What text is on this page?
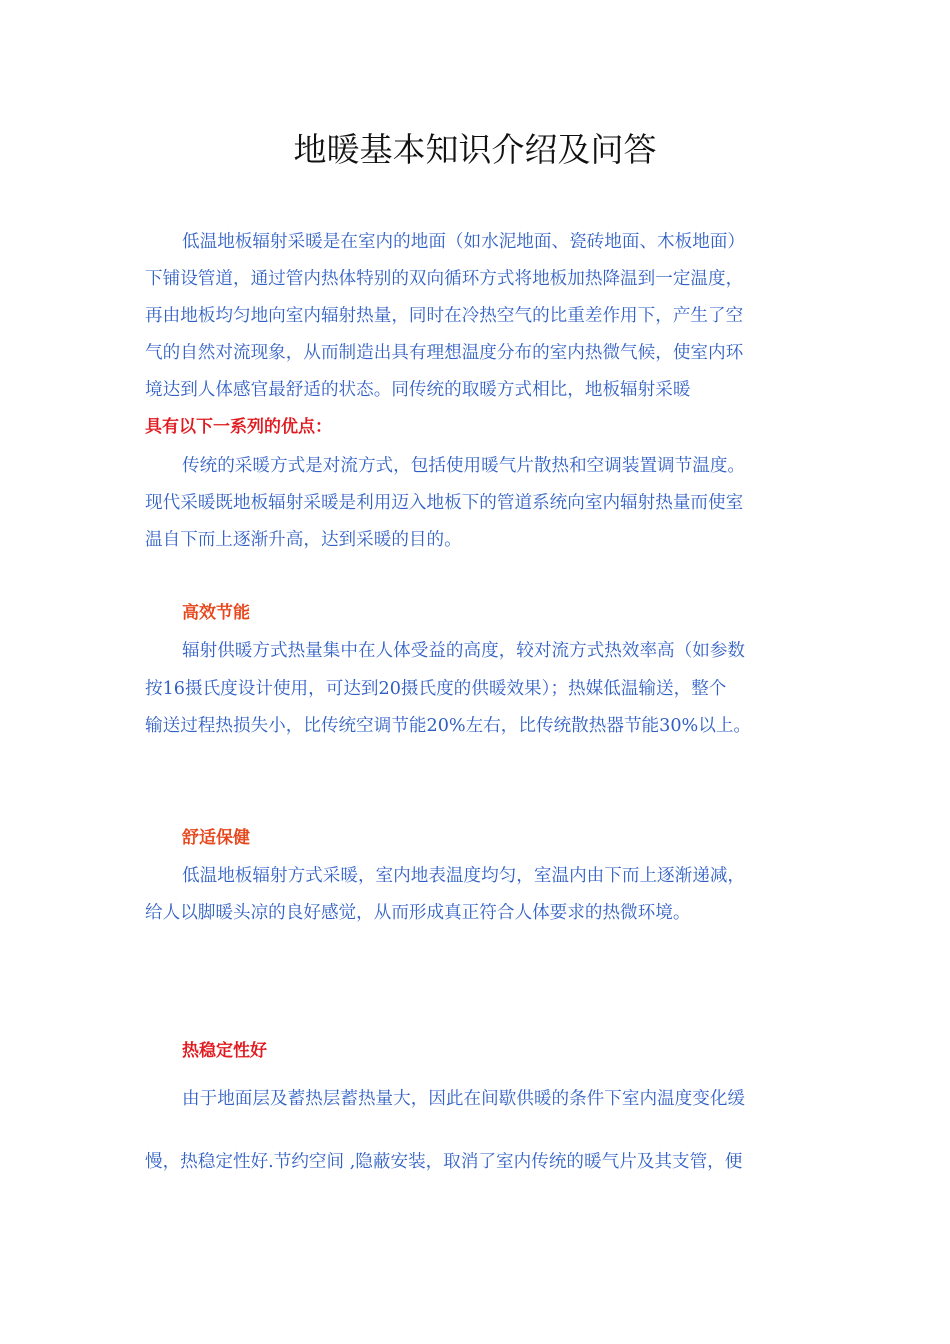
地暖基本知识介绍及问答
低温地板辐射采暖是在室内的地面（如水泥地面、瓷砖地面、木板地面）
下铺设管道，通过管内热体特别的双向循环方式将地板加热降温到一定温度，
再由地板均匀地向室内辐射热量，同时在冷热空气的比重差作用下，产生了空
气的自然对流现象，从而制造出具有理想温度分布的室内热微气候，使室内环
境达到人体感官最舒适的状态。同传统的取暖方式相比，地板辐射采暖
具有以下一系列的优点：
传统的采暖方式是对流方式，包括使用暖气片散热和空调装置调节温度。
现代采暖既地板辐射采暖是利用迈入地板下的管道系统向室内辐射热量而使室
温自下而上逐渐升高，达到采暖的目的。
高效节能
辐射供暖方式热量集中在人体受益的高度，较对流方式热效率高（如参数
按16摄氏度设计使用，可达到20摄氏度的供暖效果）；热媒低温输送，整个
输送过程热损失小，比传统空调节能20%左右，比传统散热器节能30%以上。
舒适保健
低温地板辐射方式采暖，室内地表温度均匀，室温内由下而上逐渐递减，
给人以脚暖头凉的良好感觉，从而形成真正符合人体要求的热微环境。
热稳定性好
由于地面层及蓄热层蓄热量大，因此在间歇供暖的条件下室内温度变化缓
慢，热稳定性好.节约空间 ,隐蔽安装，取消了室内传统的暖气片及其支管，便
